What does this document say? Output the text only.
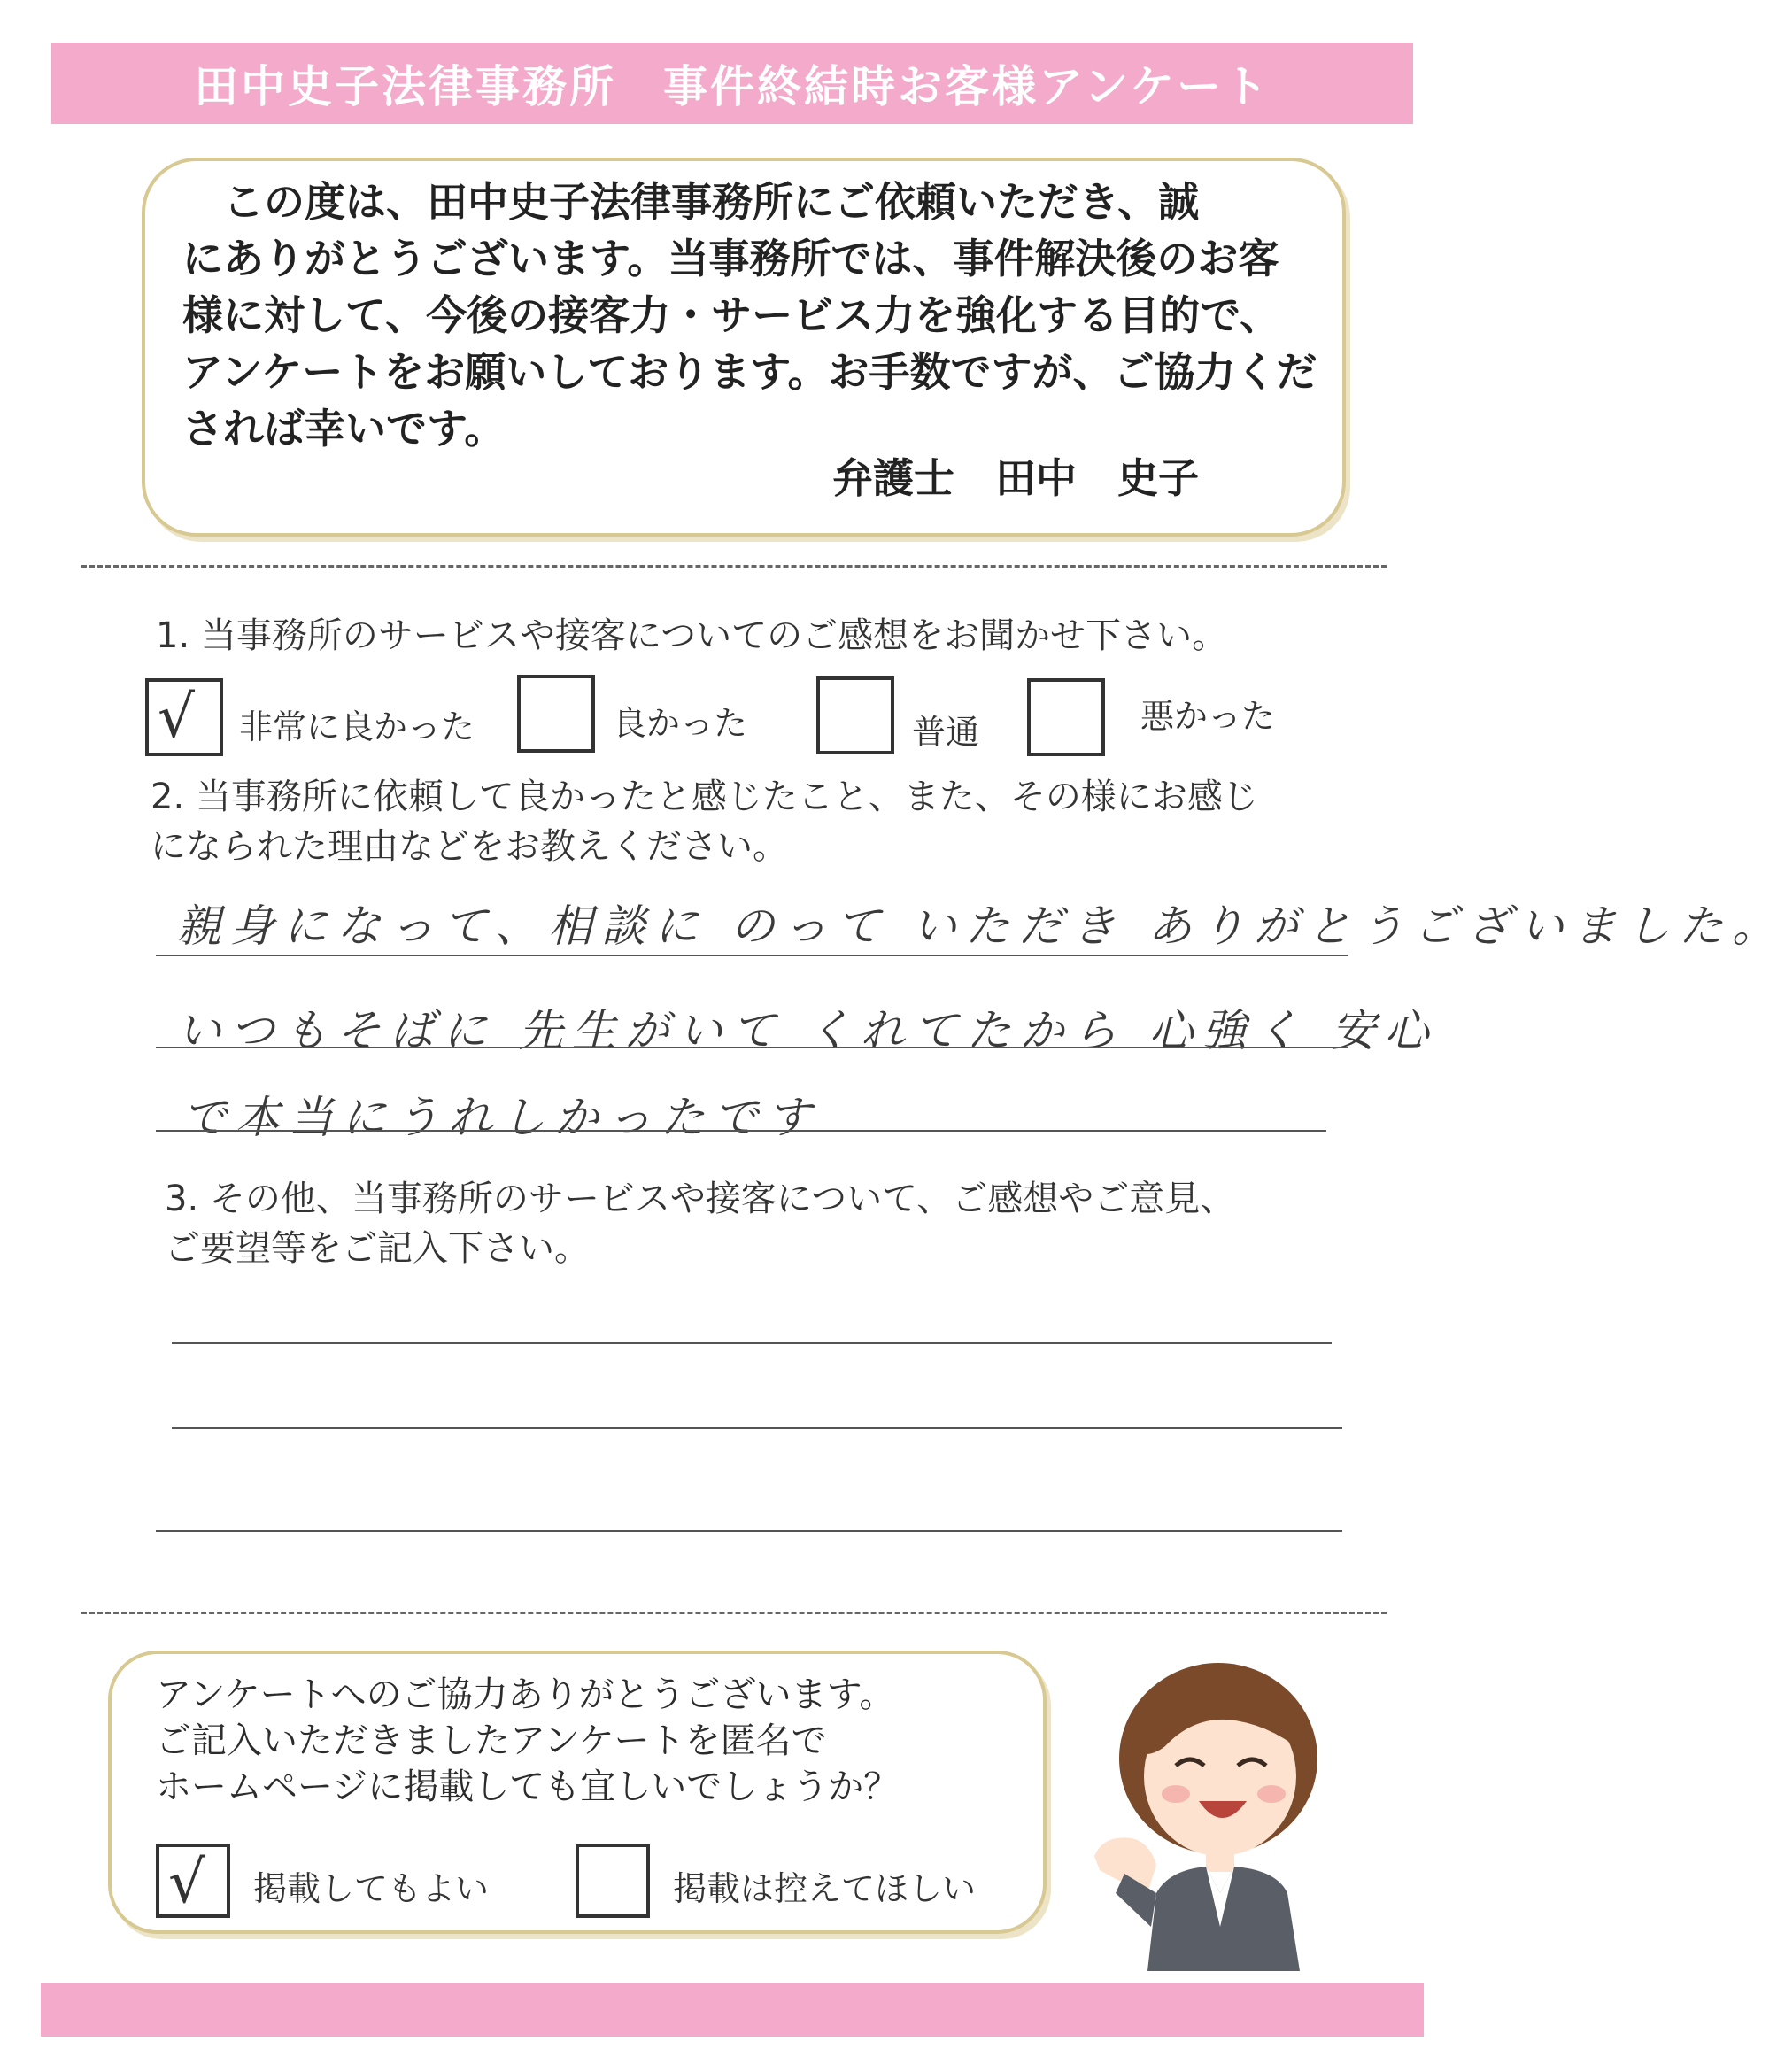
田中史子法律事務所　事件終結時お客様アンケート
　この度は、田中史子法律事務所にご依頼いただき、誠
にありがとうございます。当事務所では、事件解決後のお客
様に対して、今後の接客力・サービス力を強化する目的で、
アンケートをお願いしております。お手数ですが、ご協力くだ
されば幸いです。
弁護士　田中　史子
1. 当事務所のサービスや接客についてのご感想をお聞かせ下さい。
√ 非常に良かった	良かった	普通	悪かった
2. 当事務所に依頼して良かったと感じたこと、また、その様にお感じ
になられた理由などをお教えください。
親身になって、相談に のって いただき ありがとうございました。
いつもそばに 先生がいて くれてたから 心強く 安心
で本当にうれしかったです
3. その他、当事務所のサービスや接客について、ご感想やご意見、
ご要望等をご記入下さい。
アンケートへのご協力ありがとうございます。
ご記入いただきましたアンケートを匿名で
ホームページに掲載しても宜しいでしょうか？
√ 掲載してもよい	掲載は控えてほしい
